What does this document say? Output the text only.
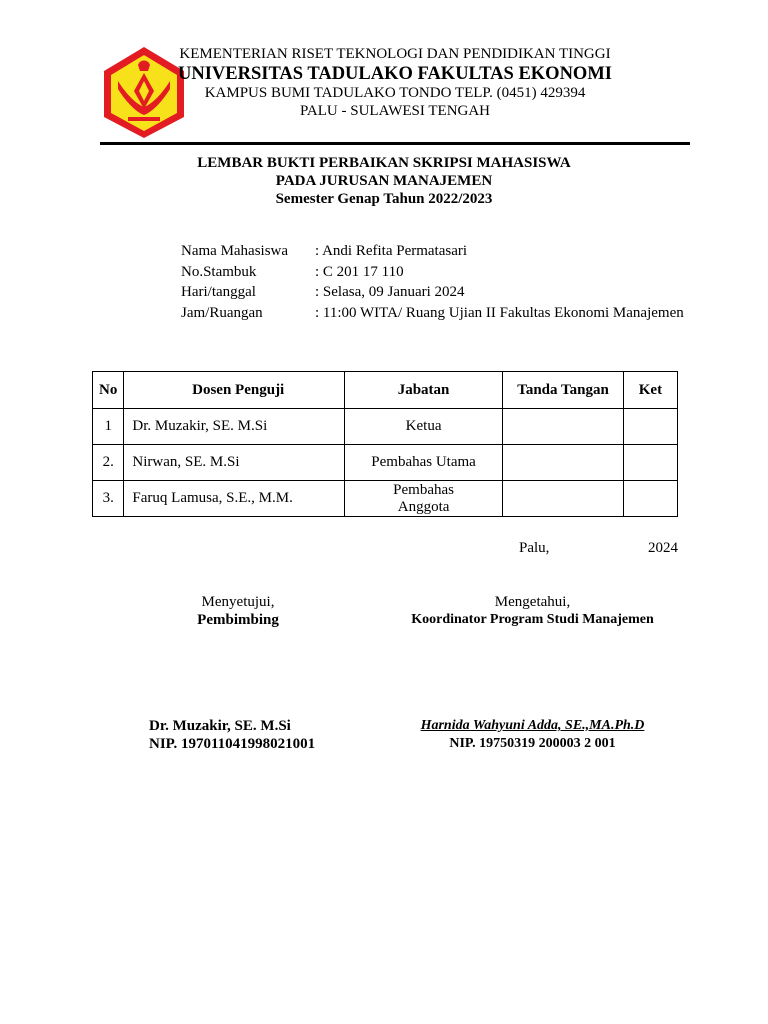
KEMENTERIAN RISET TEKNOLOGI DAN PENDIDIKAN TINGGI
UNIVERSITAS TADULAKO FAKULTAS EKONOMI
KAMPUS BUMI TADULAKO TONDO TELP. (0451) 429394
PALU - SULAWESI TENGAH
LEMBAR BUKTI PERBAIKAN SKRIPSI MAHASISWA
PADA JURUSAN MANAJEMEN
Semester Genap Tahun 2022/2023
Nama Mahasiswa	: Andi Refita Permatasari
No.Stambuk	: C 201 17 110
Hari/tanggal	: Selasa, 09 Januari 2024
Jam/Ruangan	: 11:00 WITA/ Ruang Ujian II Fakultas Ekonomi Manajemen
No	Dosen Penguji	Jabatan	Tanda Tangan	Ket
1	Dr. Muzakir, SE. M.Si	Ketua		
2.	Nirwan, SE. M.Si	Pembahas Utama		
3.	Faruq Lamusa, S.E., M.M.	Pembahas Anggota		
Palu,	2024
Menyetujui,
Pembimbing
Mengetahui,
Koordinator Program Studi Manajemen
Dr. Muzakir, SE. M.Si
NIP. 197011041998021001
Harnida Wahyuni Adda, SE.,MA.Ph.D
NIP. 19750319 200003 2 001
